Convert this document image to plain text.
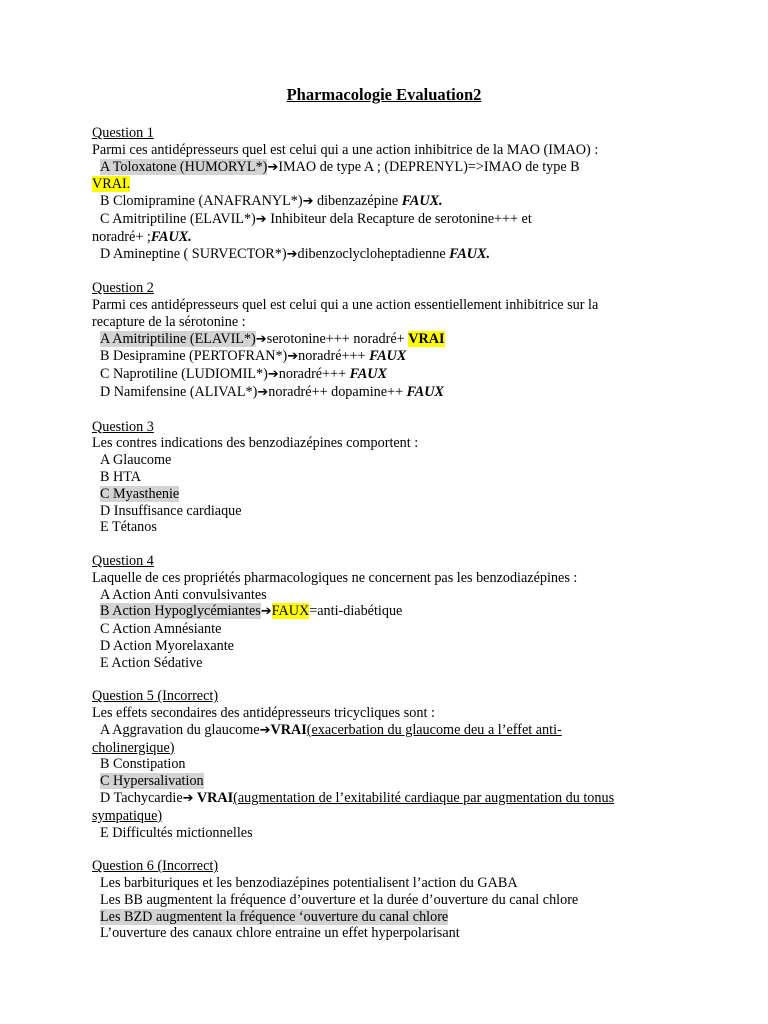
Pharmacologie Evaluation2
Question 1
Parmi ces antidépresseurs quel est celui qui a une action inhibitrice de la MAO (IMAO) :
A Toloxatone (HUMORYL*)➔IMAO de type A ; (DEPRENYL)=>IMAO de type B
VRAI.
B Clomipramine (ANAFRANYL*)➔ dibenzazépine FAUX.
C Amitriptiline (ELAVIL*)➔ Inhibiteur dela Recapture de serotonine+++ et
noradré+ ;FAUX.
D Amineptine ( SURVECTOR*)➔dibenzoclycloheptadienne FAUX.
Question 2
Parmi ces antidépresseurs quel est celui qui a une action essentiellement inhibitrice sur la
recapture de la sérotonine :
A Amitriptiline (ELAVIL*)➔serotonine+++ noradré+ VRAI
B Desipramine (PERTOFRAN*)➔noradré+++ FAUX
C Naprotiline (LUDIOMIL*)➔noradré+++ FAUX
D Namifensine (ALIVAL*)➔noradré++ dopamine++ FAUX
Question 3
Les contres indications des benzodiazépines comportent :
A Glaucome
B HTA
C Myasthenie
D Insuffisance cardiaque
E Tétanos
Question 4
Laquelle de ces propriétés pharmacologiques ne concernent pas les benzodiazépines :
A Action Anti convulsivantes
B Action Hypoglycémiantes➔FAUX=anti-diabétique
C Action Amnésiante
D Action Myorelaxante
E Action Sédative
Question 5 (Incorrect)
Les effets secondaires des antidépresseurs tricycliques sont :
A Aggravation du glaucome➔VRAI(exacerbation du glaucome deu a l’effet anti-
cholinergique)
B Constipation
C Hypersalivation
D Tachycardie➔ VRAI(augmentation de l’exitabilité cardiaque par augmentation du tonus
sympatique)
E Difficultés mictionnelles
Question 6 (Incorrect)
Les barbituriques et les benzodiazépines potentialisent l’action du GABA
Les BB augmentent la fréquence d’ouverture et la durée d’ouverture du canal chlore
Les BZD augmentent la fréquence ‘ouverture du canal chlore
L’ouverture des canaux chlore entraine un effet hyperpolarisant
